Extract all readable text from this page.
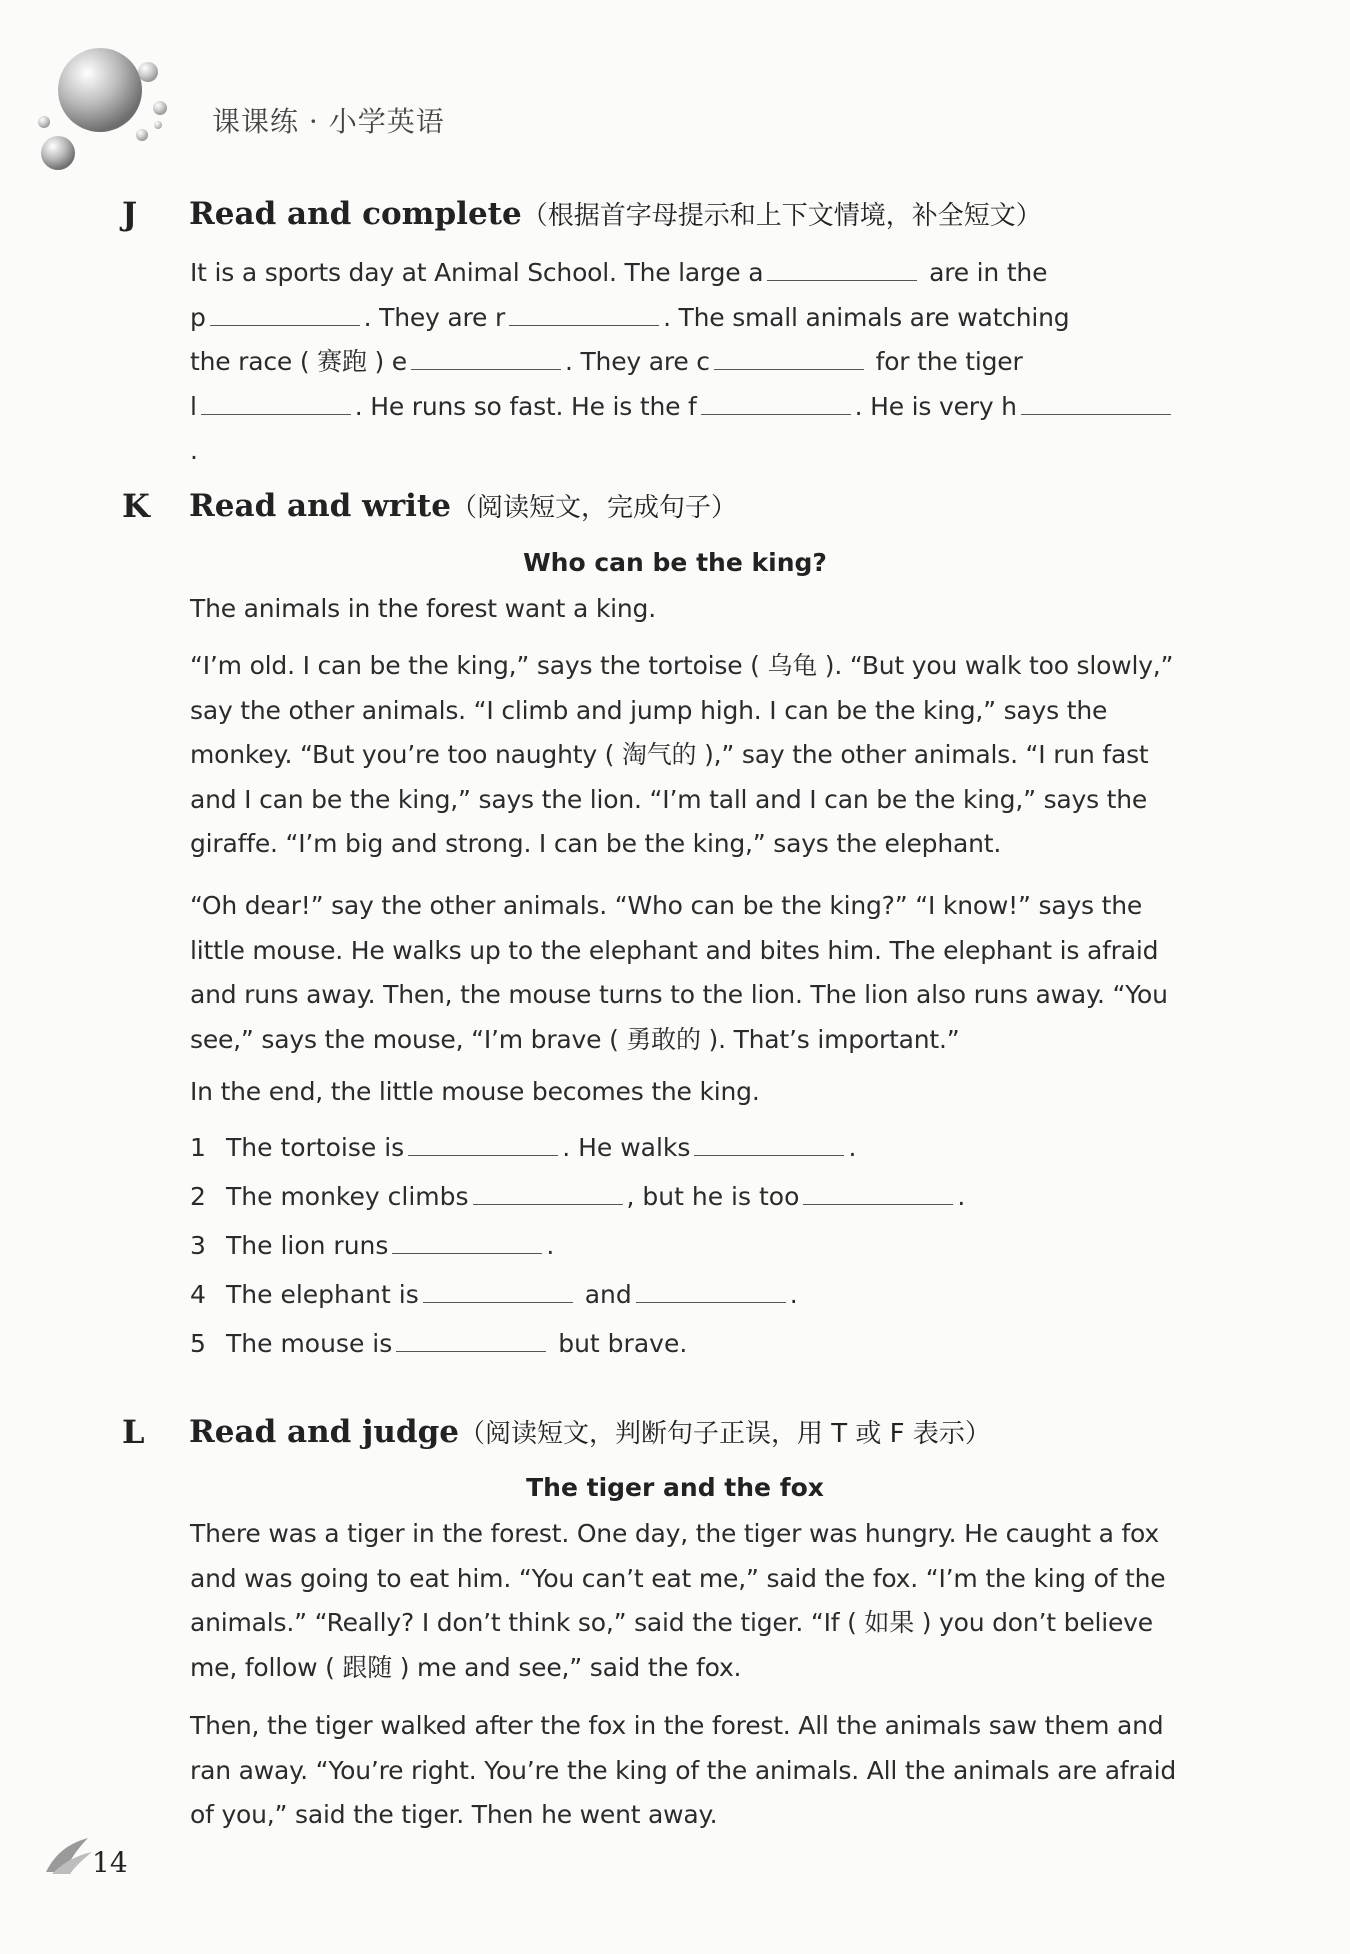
课课练 · 小学英语
J Read and complete（根据首字母提示和上下文情境，补全短文）
It is a sports day at Animal School. The large a	are in the
p	. They are r	. The small animals are watching
the race ( 赛跑 ) e	. They are c	for the tiger
l	. He runs so fast. He is the f	. He is very h.
K Read and write（阅读短文，完成句子）
Who can be the king?
The animals in the forest want a king.
“I’m old. I can be the king,” says the tortoise ( 乌龟 ). “But you walk too slowly,” say the other animals. “I climb and jump high. I can be the king,” says the monkey. “But you’re too naughty ( 淘气的 ),” say the other animals. “I run fast and I can be the king,” says the lion. “I’m tall and I can be the king,” says the giraffe. “I’m big and strong. I can be the king,” says the elephant.
“Oh dear!” say the other animals. “Who can be the king?” “I know!” says the little mouse. He walks up to the elephant and bites him. The elephant is afraid and runs away. Then, the mouse turns to the lion. The lion also runs away. “You see,” says the mouse, “I’m brave ( 勇敢的 ). That’s important.”
In the end, the little mouse becomes the king.
1 The tortoise is	. He walks	.
2 The monkey climbs	, but he is too	.
3 The lion runs	.
4 The elephant is	and	.
5 The mouse is	but brave.
L Read and judge（阅读短文，判断句子正误，用 T 或 F 表示）
The tiger and the fox
There was a tiger in the forest. One day, the tiger was hungry. He caught a fox and was going to eat him. “You can’t eat me,” said the fox. “I’m the king of the animals.” “Really? I don’t think so,” said the tiger. “If ( 如果 ) you don’t believe me, follow ( 跟随 ) me and see,” said the fox.
Then, the tiger walked after the fox in the forest. All the animals saw them and ran away. “You’re right. You’re the king of the animals. All the animals are afraid of you,” said the tiger. Then he went away.
14
